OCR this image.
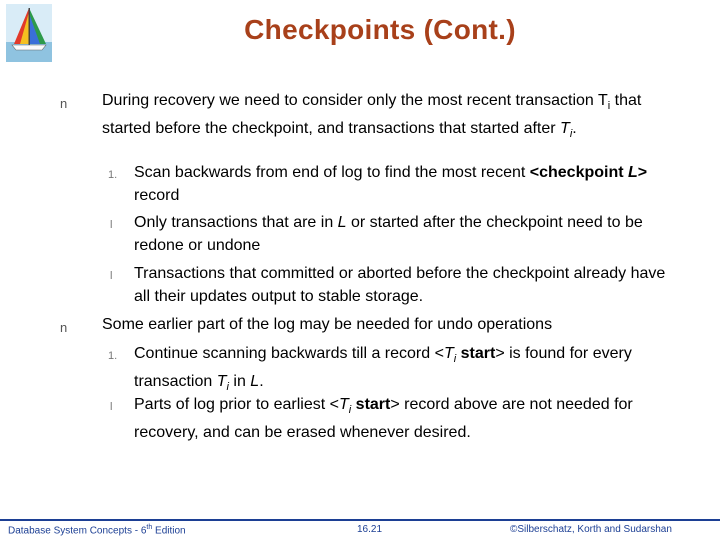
Checkpoints (Cont.)
n During recovery we need to consider only the most recent transaction $T_i$ that started before the checkpoint, and transactions that started after $T_i$.
1. Scan backwards from end of log to find the most recent <checkpoint L> record
l Only transactions that are in L or started after the checkpoint need to be redone or undone
l Transactions that committed or aborted before the checkpoint already have all their updates output to stable storage.
n Some earlier part of the log may be needed for undo operations
1. Continue scanning backwards till a record $<T_i$ start> is found for every transaction $T_i$ in L.
l Parts of log prior to earliest $<T_i$ start> record above are not needed for recovery, and can be erased whenever desired.
Database System Concepts - 6th Edition	16.21	©Silberschatz, Korth and Sudarshan
